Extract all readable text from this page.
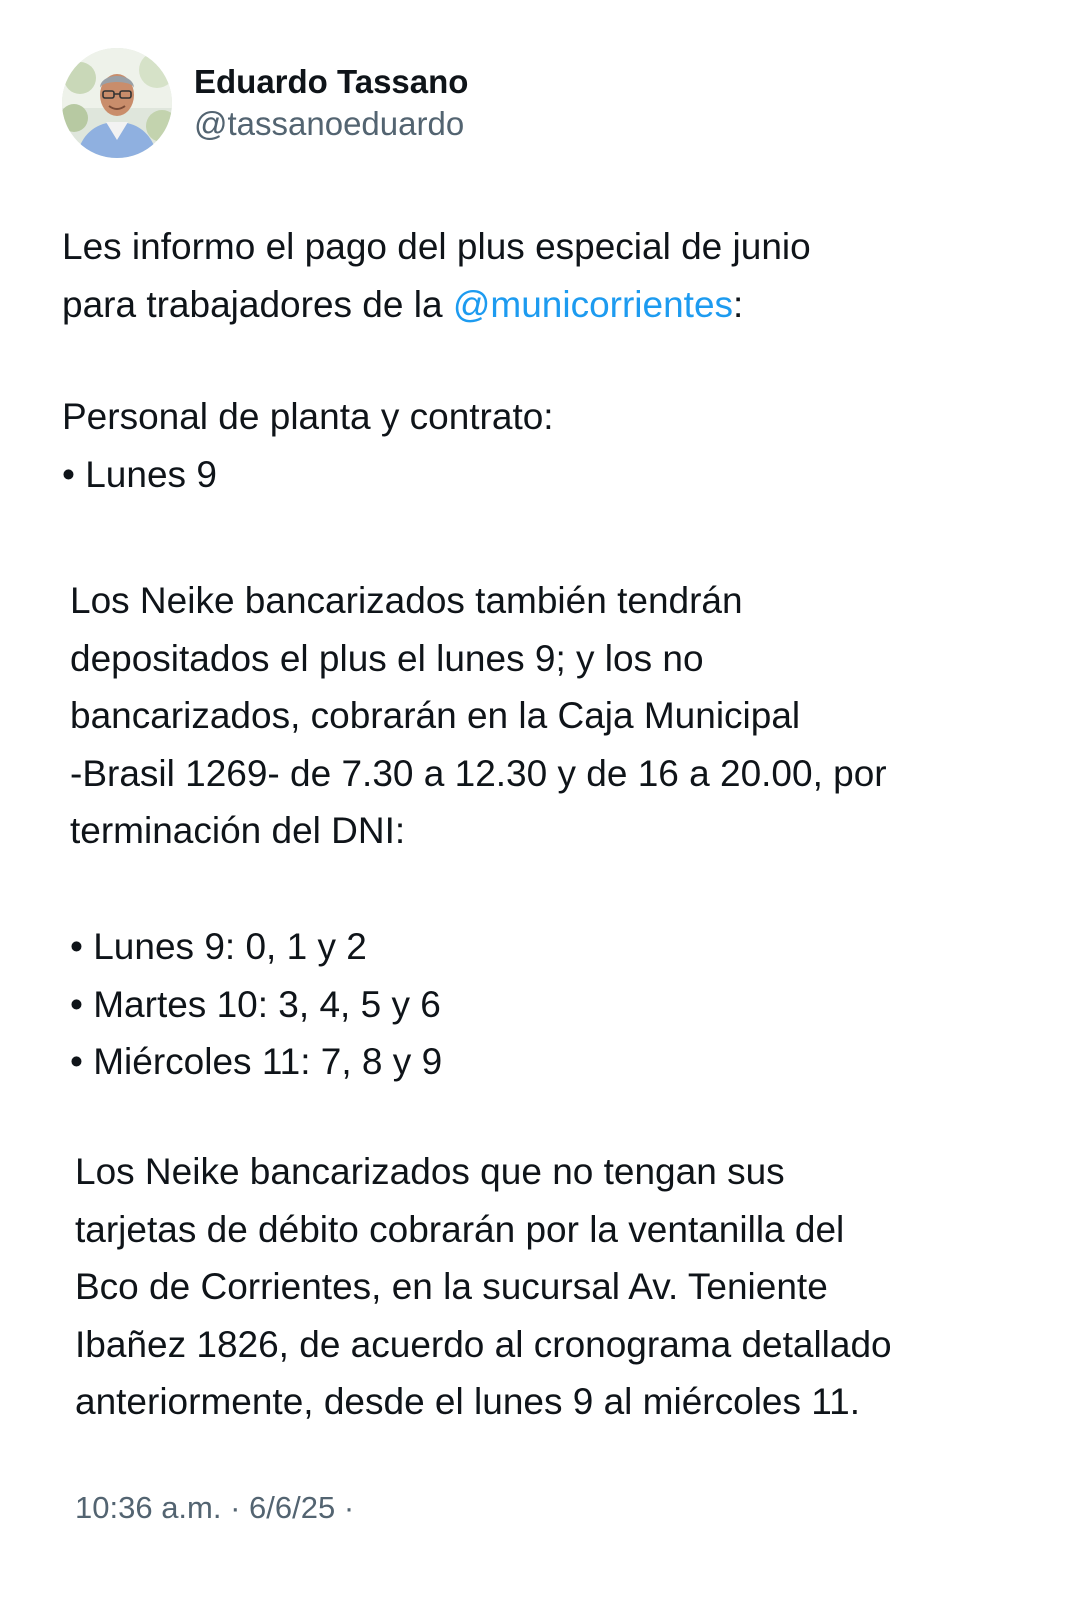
Eduardo Tassano
@tassanoeduardo

Les informo el pago del plus especial de junio

para trabajadores de la @municorrientes:

Personal de planta y contrato:

• Lunes 9

Los Neike bancarizados también tendrán

depositados el plus el lunes 9; y los no

bancarizados, cobrarán en la Caja Municipal

-Brasil 1269- de 7.30 a 12.30 y de 16 a 20.00, por

terminación del DNI:

• Lunes 9: 0, 1 y 2

• Martes 10: 3, 4, 5 y 6

• Miércoles 11: 7, 8 y 9

Los Neike bancarizados que no tengan sus

tarjetas de débito cobrarán por la ventanilla del

Bco de Corrientes, en la sucursal Av. Teniente

Ibañez 1826, de acuerdo al cronograma detallado

anteriormente, desde el lunes 9 al miércoles 11.

10:36 a.m. · 6/6/25 ·
